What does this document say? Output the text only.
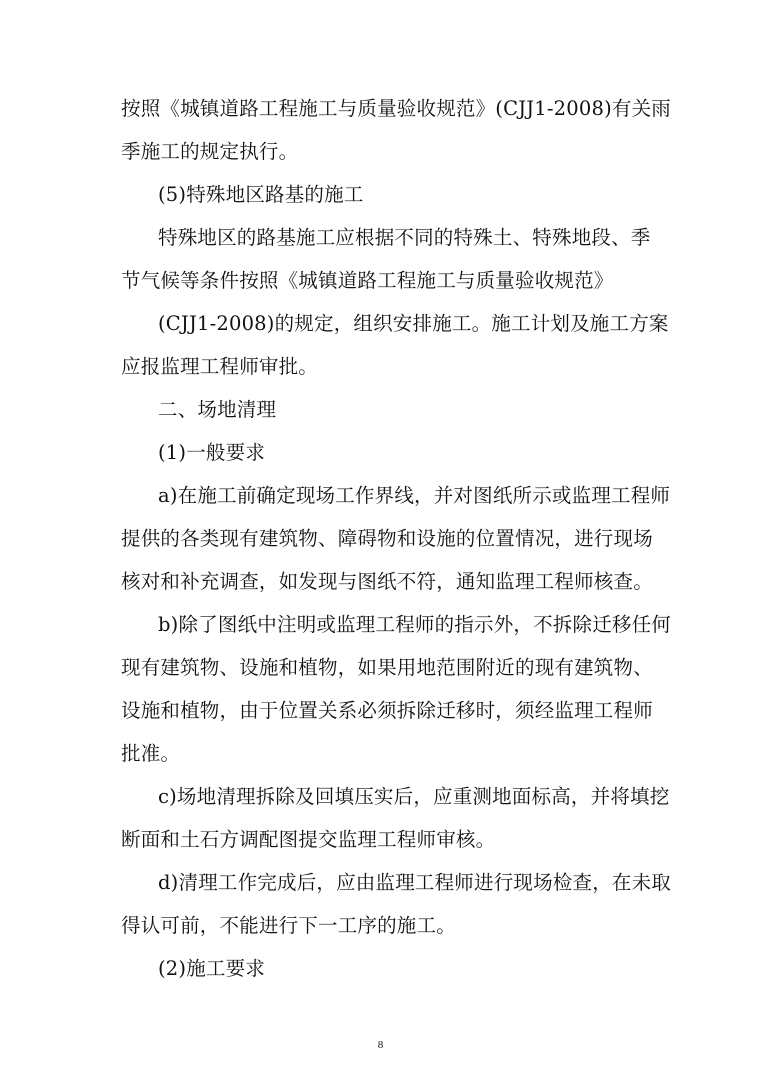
按照《城镇道路工程施工与质量验收规范》(CJJ1-2008)有关雨
季施工的规定执行。
(5)特殊地区路基的施工
特殊地区的路基施工应根据不同的特殊土、特殊地段、季
节气候等条件按照《城镇道路工程施工与质量验收规范》
(CJJ1-2008)的规定，组织安排施工。施工计划及施工方案
应报监理工程师审批。
二、场地清理
(1)一般要求
a)在施工前确定现场工作界线，并对图纸所示或监理工程师
提供的各类现有建筑物、障碍物和设施的位置情况，进行现场
核对和补充调查，如发现与图纸不符，通知监理工程师核查。
b)除了图纸中注明或监理工程师的指示外，不拆除迁移任何
现有建筑物、设施和植物，如果用地范围附近的现有建筑物、
设施和植物，由于位置关系必须拆除迁移时，须经监理工程师
批准。
c)场地清理拆除及回填压实后，应重测地面标高，并将填挖
断面和土石方调配图提交监理工程师审核。
d)清理工作完成后，应由监理工程师进行现场检查，在未取
得认可前，不能进行下一工序的施工。
(2)施工要求
8
